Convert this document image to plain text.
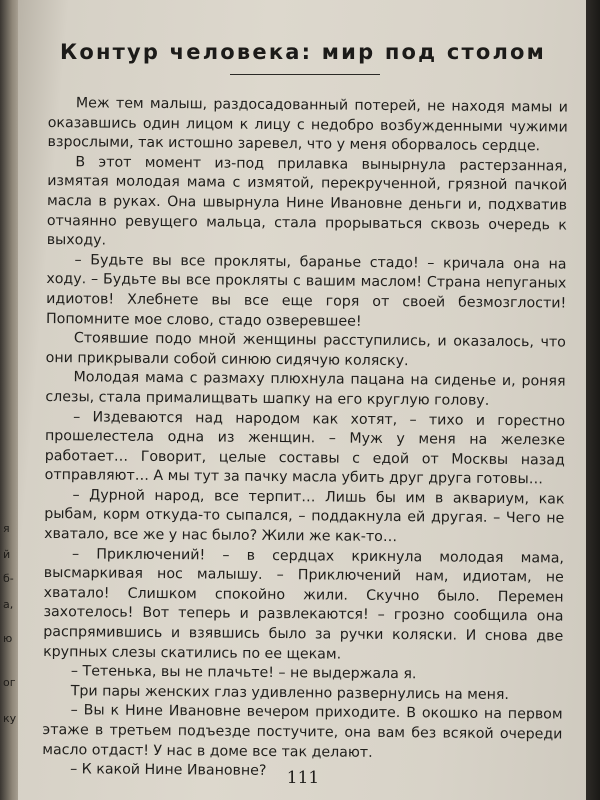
я
й
б-
а,
ю
ог
ку
Контур человека: мир под столом

Меж тем малыш, раздосадованный потерей, не находя мамы и оказавшись один лицом к лицу с недобро возбужденными чужими взрослыми, так истошно заревел, что у меня оборвалось сердце.

В этот момент из-под прилавка вынырнула растерзанная, измятая молодая мама с измятой, перекрученной, грязной пачкой масла в руках. Она швырнула Нине Ивановне деньги и, подхватив отчаянно ревущего мальца, стала прорываться сквозь очередь к выходу.

– Будьте вы все прокляты, баранье стадо! – кричала она на ходу. – Будьте вы все прокляты с вашим маслом! Страна непуганых идиотов! Хлебнете вы все еще горя от своей безмозглости! Попомните мое слово, стадо озверевшее!

Стоявшие подо мной женщины расступились, и оказалось, что они прикрывали собой синюю сидячую коляску.

Молодая мама с размаху плюхнула пацана на сиденье и, роняя слезы, стала прималищвать шапку на его круглую голову.

– Издеваются над народом как хотят, – тихо и горестно прошелестела одна из женщин. – Муж у меня на железке работает… Говорит, целые составы с едой от Москвы назад отправляют… А мы тут за пачку масла убить друг друга готовы…

– Дурной народ, все терпит… Лишь бы им в аквариум, как рыбам, корм откуда-то сыпался, – поддакнула ей другая. – Чего не хватало, все же у нас было? Жили же как-то…

– Приключений! – в сердцах крикнула молодая мама, высмаркивая нос малышу. – Приключений нам, идиотам, не хватало! Слишком спокойно жили. Скучно было. Перемен захотелось! Вот теперь и развлекаются! – грозно сообщила она распрямившись и взявшись было за ручки коляски. И снова две крупных слезы скатились по ее щекам.

– Тетенька, вы не плачьте! – не выдержала я.

Три пары женских глаз удивленно развернулись на меня.

– Вы к Нине Ивановне вечером приходите. В окошко на первом этаже в третьем подъезде постучите, она вам без всякой очереди масло отдаст! У нас в доме все так делают.

– К какой Нине Ивановне?	111
